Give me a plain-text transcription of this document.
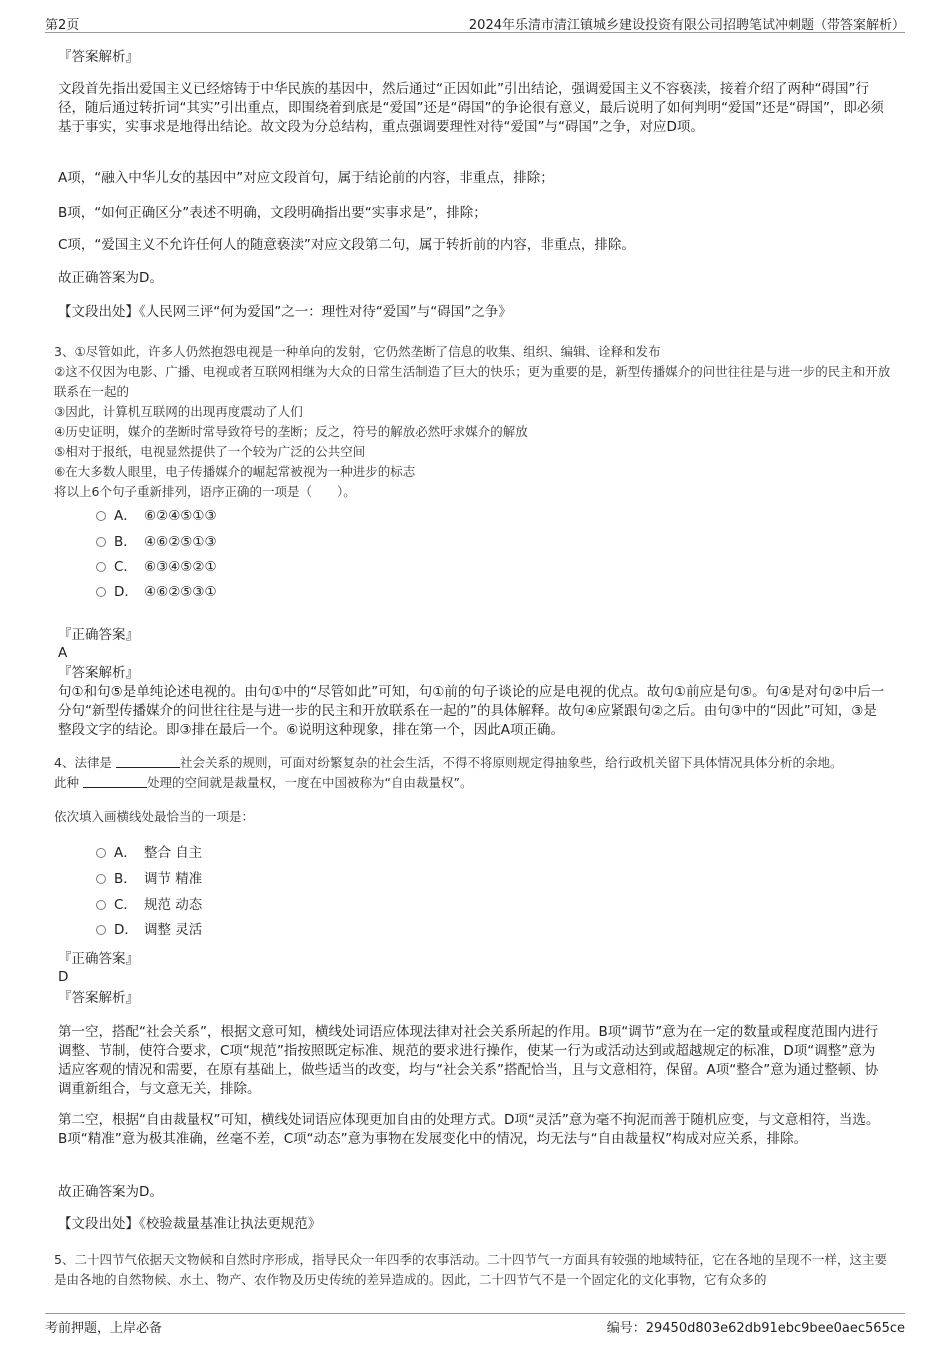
第2页	2024年乐清市清江镇城乡建设投资有限公司招聘笔试冲刺题（带答案解析）

『答案解析』

文段首先指出爱国主义已经熔铸于中华民族的基因中，然后通过“正因如此”引出结论，强调爱国主义不容亵渎，接着介绍了两种“碍国”行径，随后通过转折词“其实”引出重点，即围绕着到底是“爱国”还是“碍国”的争论很有意义，最后说明了如何判明“爱国”还是“碍国”，即必须基于事实，实事求是地得出结论。故文段为分总结构，重点强调要理性对待“爱国”与“碍国”之争，对应D项。

A项，“融入中华儿女的基因中”对应文段首句，属于结论前的内容，非重点，排除；

B项，“如何正确区分”表述不明确，文段明确指出要“实事求是”，排除；

C项，“爱国主义不允许任何人的随意亵渎”对应文段第二句，属于转折前的内容，非重点，排除。

故正确答案为D。

【文段出处】《人民网三评“何为爱国”之一：理性对待“爱国”与“碍国”之争》

3、①尽管如此，许多人仍然抱怨电视是一种单向的发射，它仍然垄断了信息的收集、组织、编辑、诠释和发布

②这不仅因为电影、广播、电视或者互联网相继为大众的日常生活制造了巨大的快乐；更为重要的是，新型传播媒介的问世往往是与进一步的民主和开放联系在一起的

③因此，计算机互联网的出现再度震动了人们

④历史证明，媒介的垄断时常导致符号的垄断；反之，符号的解放必然吁求媒介的解放

⑤相对于报纸，电视显然提供了一个较为广泛的公共空间

⑥在大多数人眼里，电子传播媒介的崛起常被视为一种进步的标志

将以上6个句子重新排列，语序正确的一项是（　　）。

A． ⑥②④⑤①③
B． ④⑥②⑤①③
C． ⑥③④⑤②①
D． ④⑥②⑤③①

『正确答案』

A

『答案解析』

句①和句⑤是单纯论述电视的。由句①中的“尽管如此”可知，句①前的句子谈论的应是电视的优点。故句①前应是句⑤。句④是对句②中后一分句“新型传播媒介的问世往往是与进一步的民主和开放联系在一起的”的具体解释。故句④应紧跟句②之后。由句③中的“因此”可知，③是整段文字的结论。即③排在最后一个。⑥说明这种现象，排在第一个，因此A项正确。

4、法律是	社会关系的规则，可面对纷繁复杂的社会生活，不得不将原则规定得抽象些，给行政机关留下具体情况具体分析的余地。

此种	处理的空间就是裁量权，一度在中国被称为“自由裁量权”。

依次填入画横线处最恰当的一项是：

A． 整合 自主
B． 调节 精准
C． 规范 动态
D． 调整 灵活

『正确答案』

D

『答案解析』

第一空，搭配“社会关系”，根据文意可知，横线处词语应体现法律对社会关系所起的作用。B项“调节”意为在一定的数量或程度范围内进行调整、节制，使符合要求，C项“规范”指按照既定标准、规范的要求进行操作，使某一行为或活动达到或超越规定的标准，D项“调整”意为适应客观的情况和需要，在原有基础上，做些适当的改变，均与“社会关系”搭配恰当，且与文意相符，保留。A项“整合”意为通过整顿、协调重新组合，与文意无关，排除。

第二空，根据“自由裁量权”可知，横线处词语应体现更加自由的处理方式。D项“灵活”意为毫不拘泥而善于随机应变，与文意相符，当选。B项“精准”意为极其准确，丝毫不差，C项“动态”意为事物在发展变化中的情况，均无法与“自由裁量权”构成对应关系，排除。

故正确答案为D。

【文段出处】《校验裁量基准让执法更规范》

5、二十四节气依据天文物候和自然时序形成，指导民众一年四季的农事活动。二十四节气一方面具有较强的地域特征，它在各地的呈现不一样，这主要是由各地的自然物候、水土、物产、农作物及历史传统的差异造成的。因此，二十四节气不是一个固定化的文化事物，它有众多的

考前押题，上岸必备	编号：29450d803e62db91ebc9bee0aec565ce
